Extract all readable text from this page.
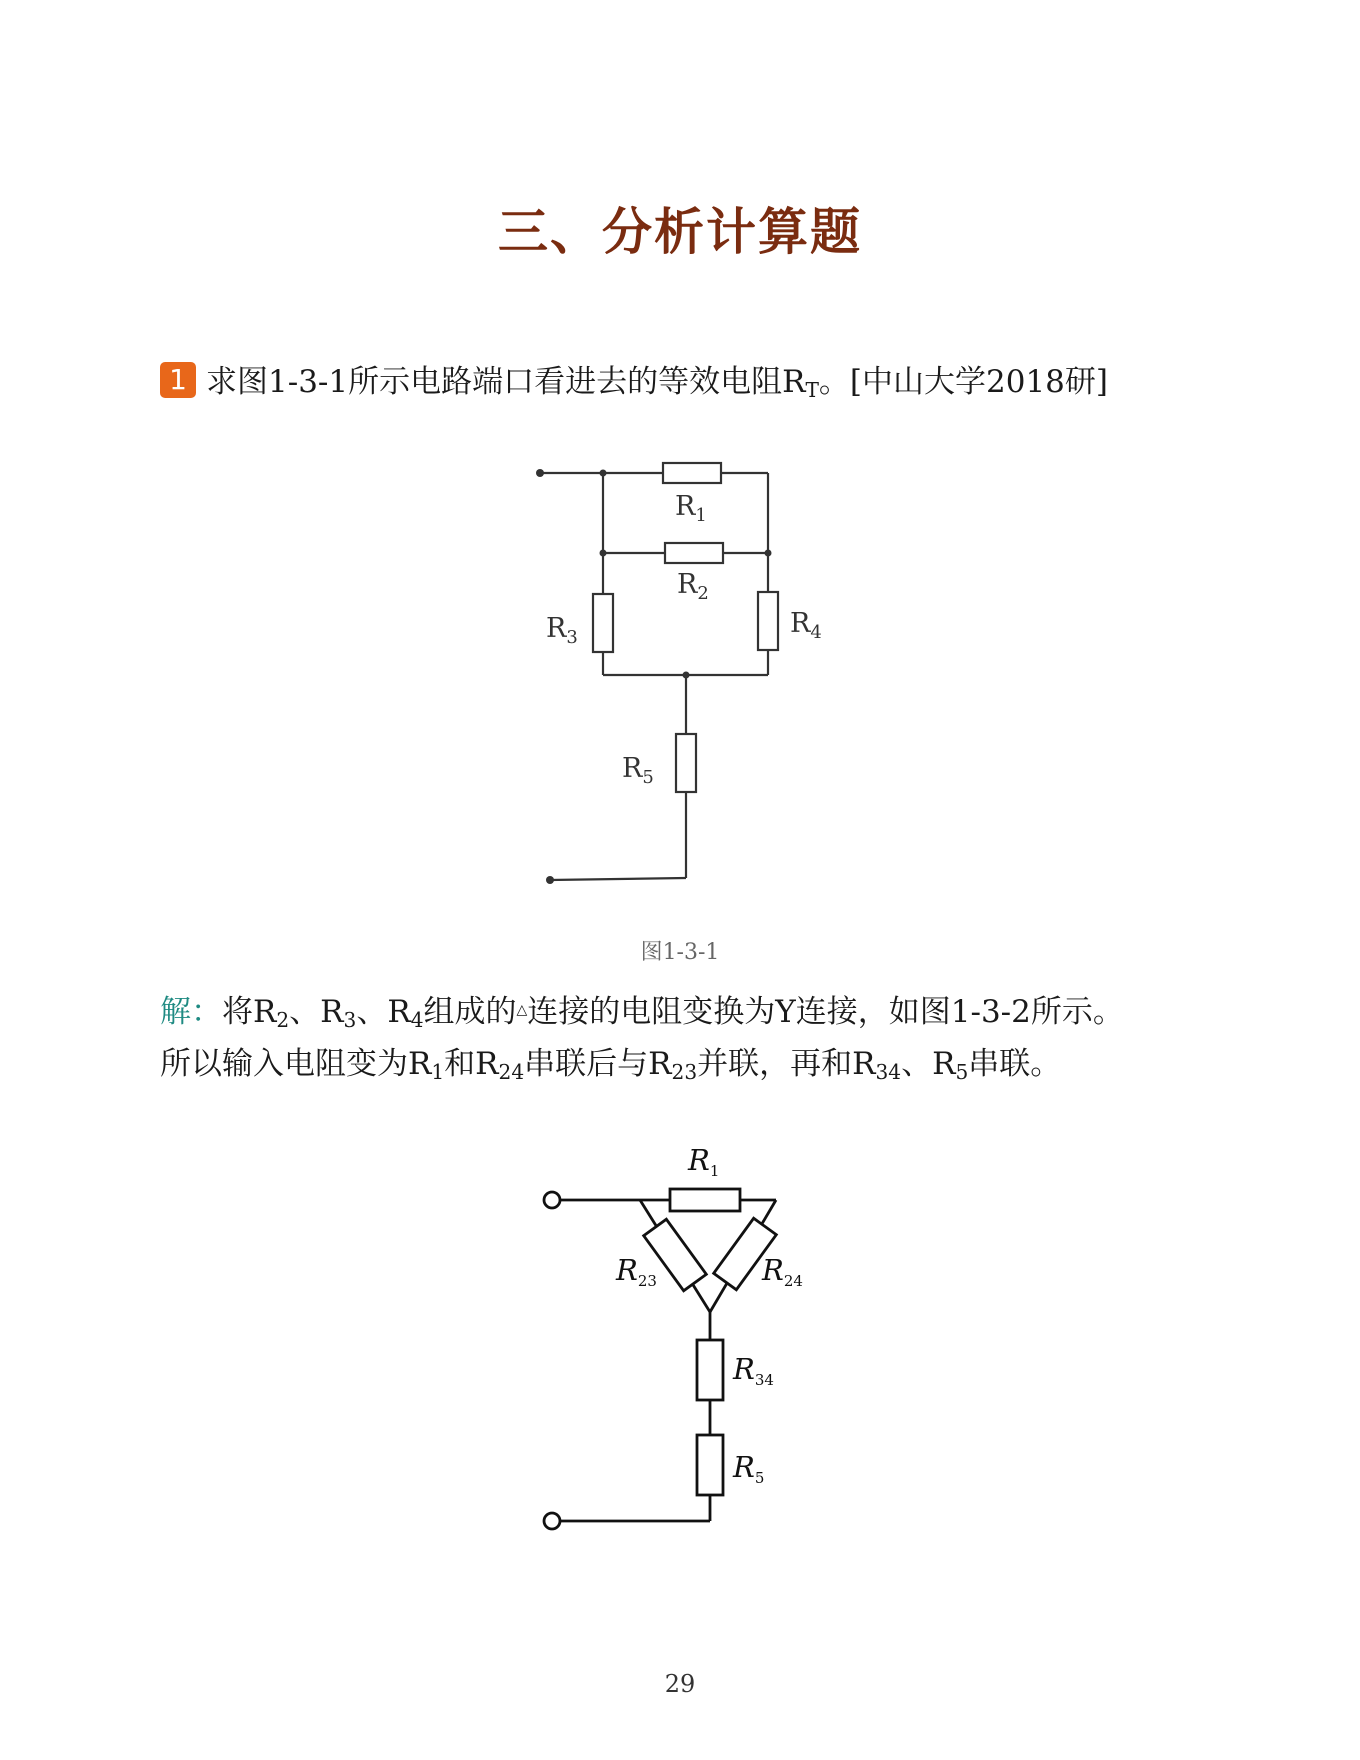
三、分析计算题
1 求图1-3-1所示电路端口看进去的等效电阻$R_T$。[中山大学2018研]
$R_1$
$R_2$
$R_3$	$R_4$
$R_5$
图1-3-1
解：将$R_2$、$R_3$、$R_4$组成的△连接的电阻变换为Y连接，如图1-3-2所示。
所以输入电阻变为$R_1$和$R_{24}$串联后与$R_{23}$并联，再和$R_{34}$、$R_5$串联。
$R_1$
$R_{23}$	$R_{24}$
$R_{34}$
$R_5$
29
